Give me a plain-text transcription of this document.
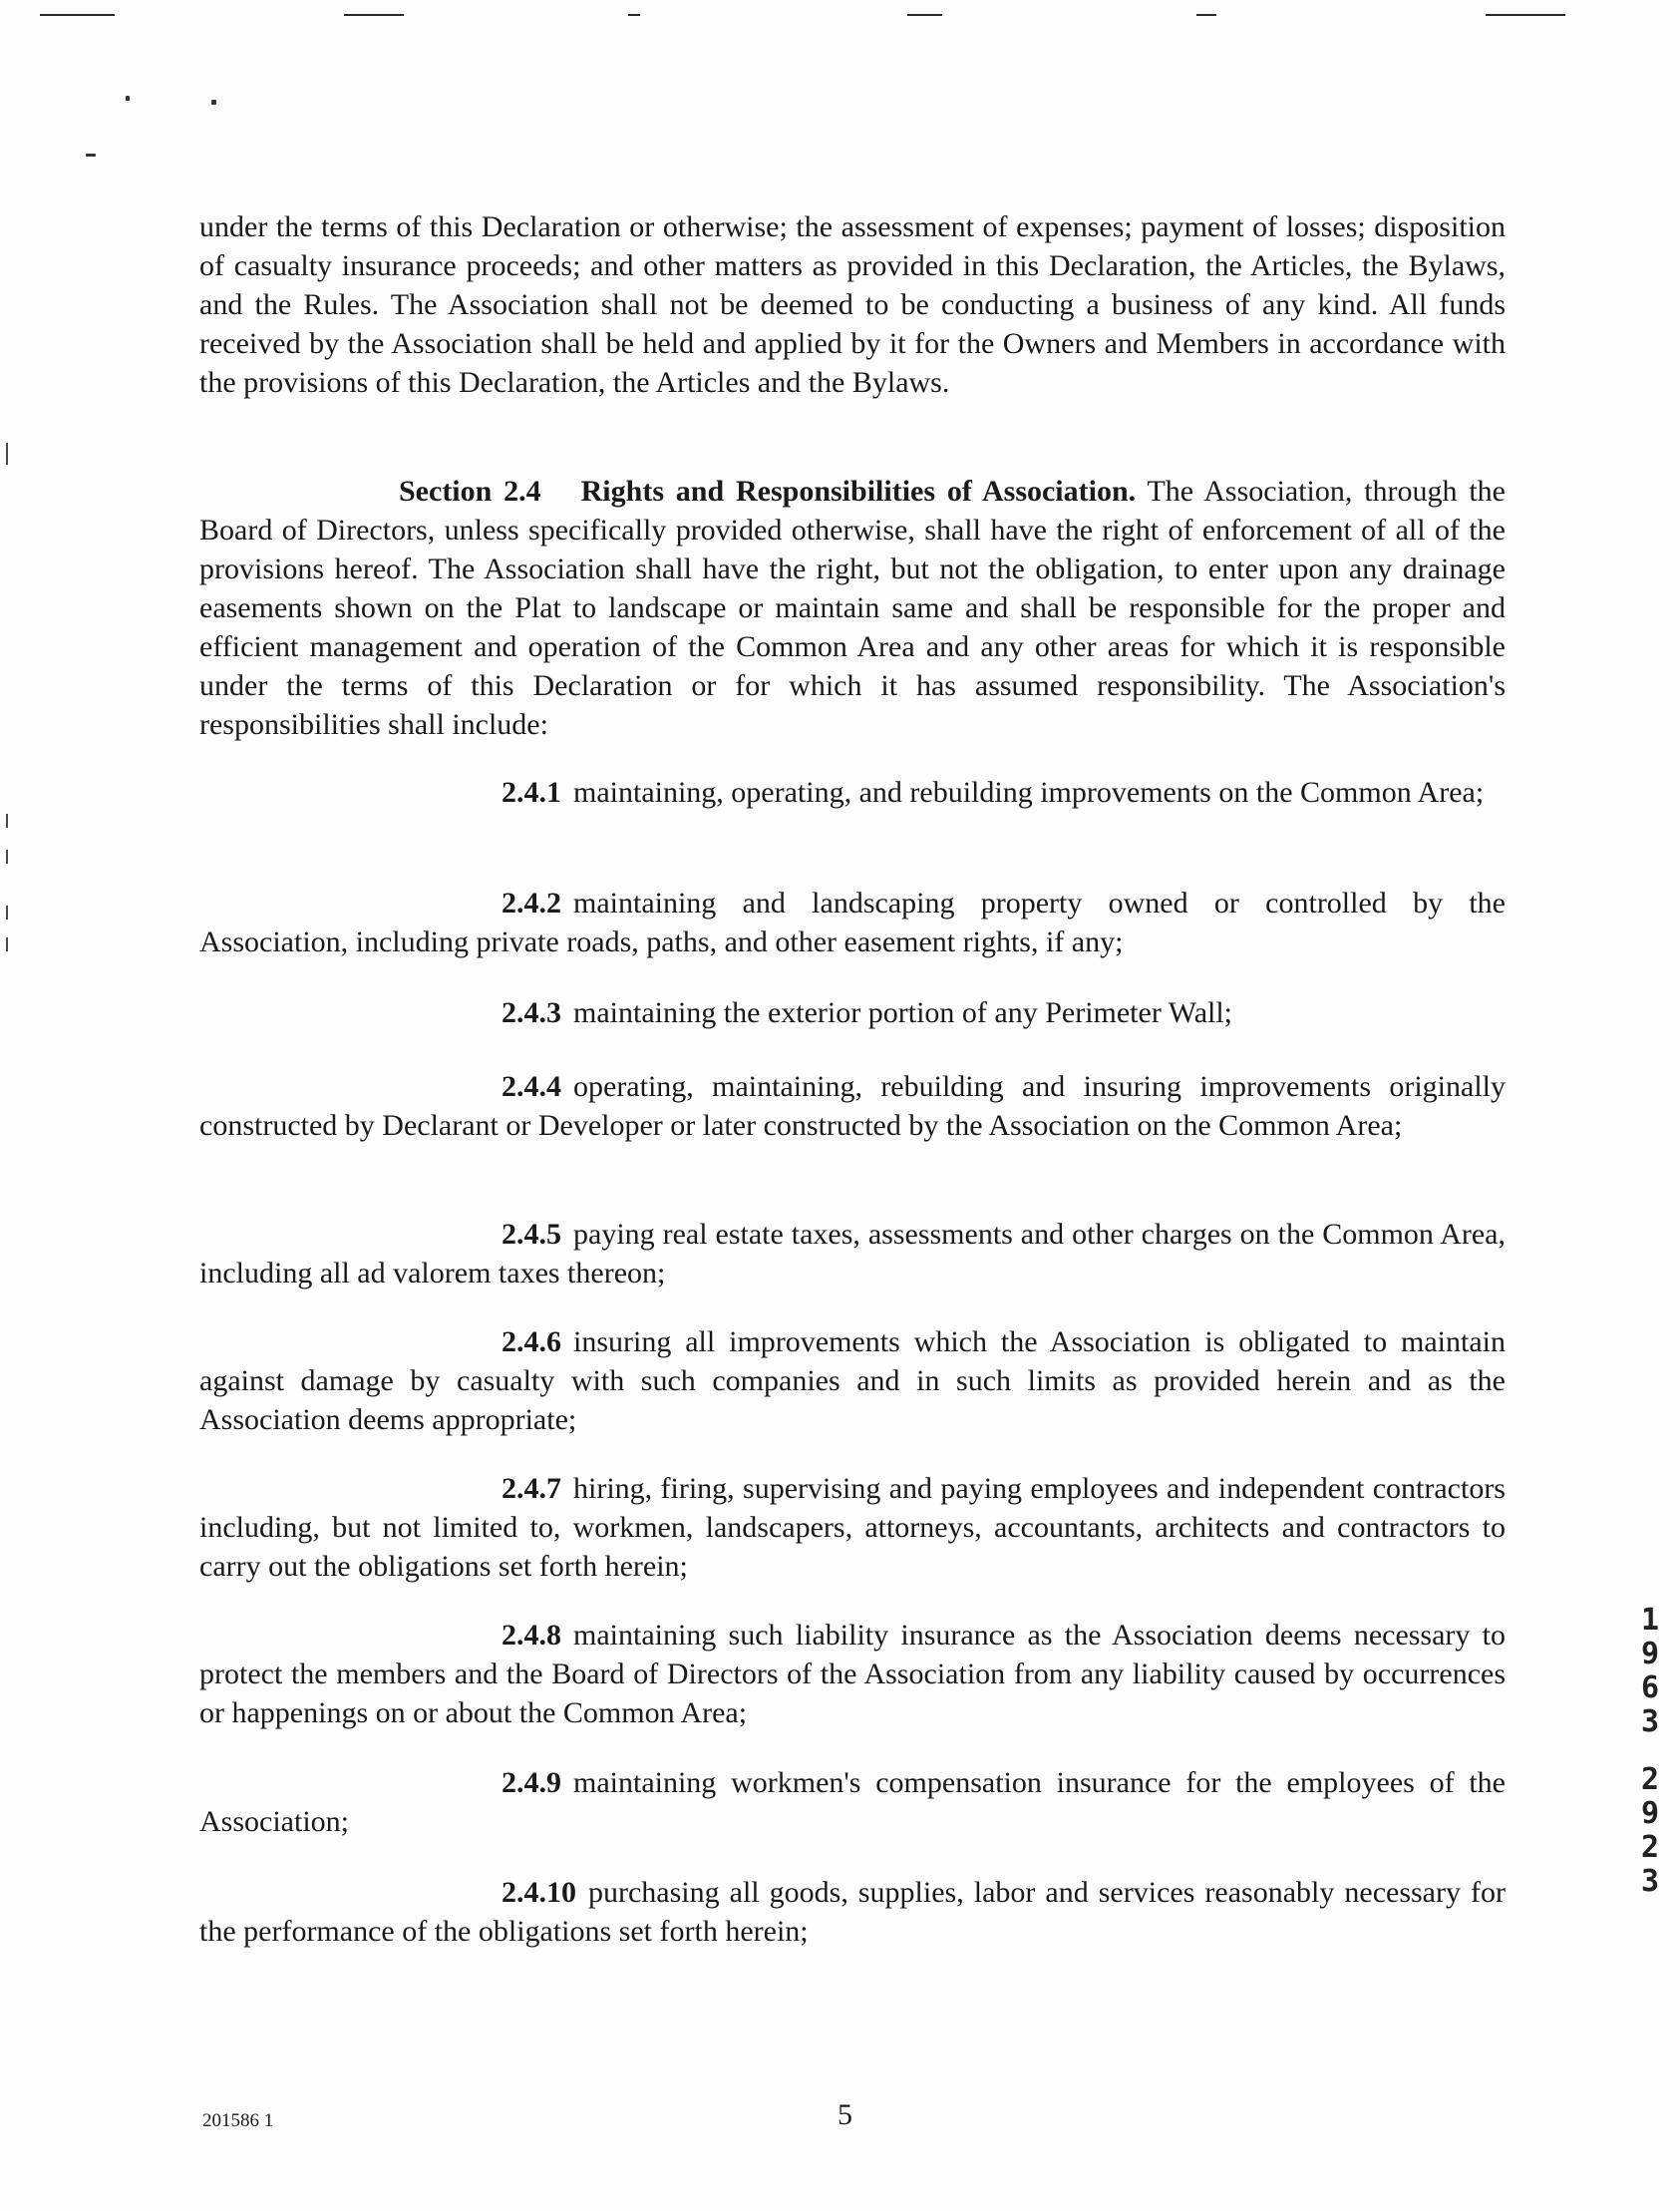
under the terms of this Declaration or otherwise; the assessment of expenses; payment of losses; disposition of casualty insurance proceeds; and other matters as provided in this Declaration, the Articles, the Bylaws, and the Rules. The Association shall not be deemed to be conducting a business of any kind. All funds received by the Association shall be held and applied by it for the Owners and Members in accordance with the provisions of this Declaration, the Articles and the Bylaws.

Section 2.4 Rights and Responsibilities of Association. The Association, through the Board of Directors, unless specifically provided otherwise, shall have the right of enforcement of all of the provisions hereof. The Association shall have the right, but not the obligation, to enter upon any drainage easements shown on the Plat to landscape or maintain same and shall be responsible for the proper and efficient management and operation of the Common Area and any other areas for which it is responsible under the terms of this Declaration or for which it has assumed responsibility. The Association's responsibilities shall include:

2.4.1 maintaining, operating, and rebuilding improvements on the Common Area;

2.4.2 maintaining and landscaping property owned or controlled by the Association, including private roads, paths, and other easement rights, if any;

2.4.3 maintaining the exterior portion of any Perimeter Wall;

2.4.4 operating, maintaining, rebuilding and insuring improvements originally constructed by Declarant or Developer or later constructed by the Association on the Common Area;

2.4.5 paying real estate taxes, assessments and other charges on the Common Area, including all ad valorem taxes thereon;

2.4.6 insuring all improvements which the Association is obligated to maintain against damage by casualty with such companies and in such limits as provided herein and as the Association deems appropriate;

2.4.7 hiring, firing, supervising and paying employees and independent contractors including, but not limited to, workmen, landscapers, attorneys, accountants, architects and contractors to carry out the obligations set forth herein;

2.4.8 maintaining such liability insurance as the Association deems necessary to protect the members and the Board of Directors of the Association from any liability caused by occurrences or happenings on or about the Common Area;

2.4.9 maintaining workmen's compensation insurance for the employees of the Association;

2.4.10 purchasing all goods, supplies, labor and services reasonably necessary for the performance of the obligations set forth herein;

1
9
6
3
2
9
2
3

201586 1	5
